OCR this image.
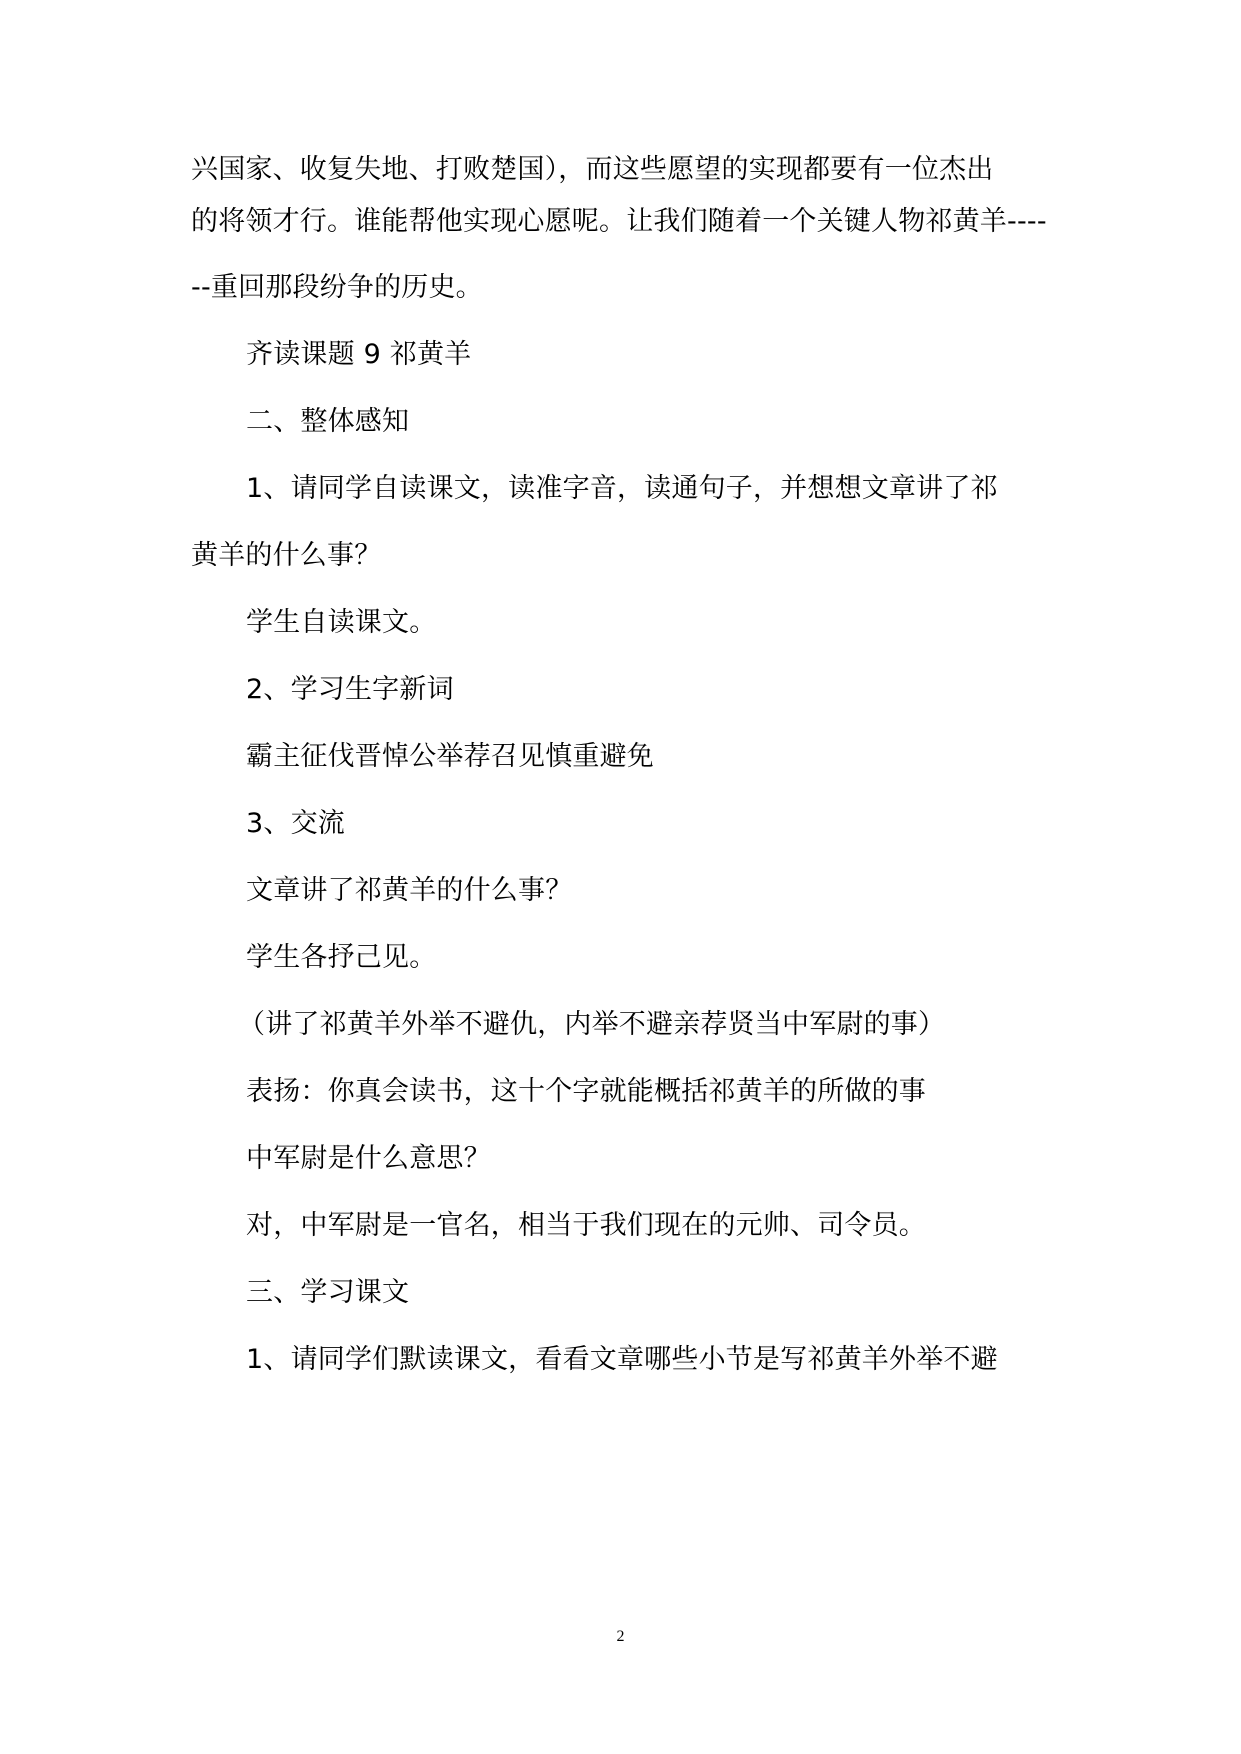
兴国家、收复失地、打败楚国），而这些愿望的实现都要有一位杰出
的将领才行。谁能帮他实现心愿呢。让我们随着一个关键人物祁黄羊----
--重回那段纷争的历史。
齐读课题 9 祁黄羊
二、整体感知
1、请同学自读课文，读准字音，读通句子，并想想文章讲了祁
黄羊的什么事？
学生自读课文。
2、学习生字新词
霸主征伐晋悼公举荐召见慎重避免
3、交流
文章讲了祁黄羊的什么事？
学生各抒己见。
（讲了祁黄羊外举不避仇，内举不避亲荐贤当中军尉的事）
表扬：你真会读书，这十个字就能概括祁黄羊的所做的事
中军尉是什么意思？
对，中军尉是一官名，相当于我们现在的元帅、司令员。
三、学习课文
1、请同学们默读课文，看看文章哪些小节是写祁黄羊外举不避
2
